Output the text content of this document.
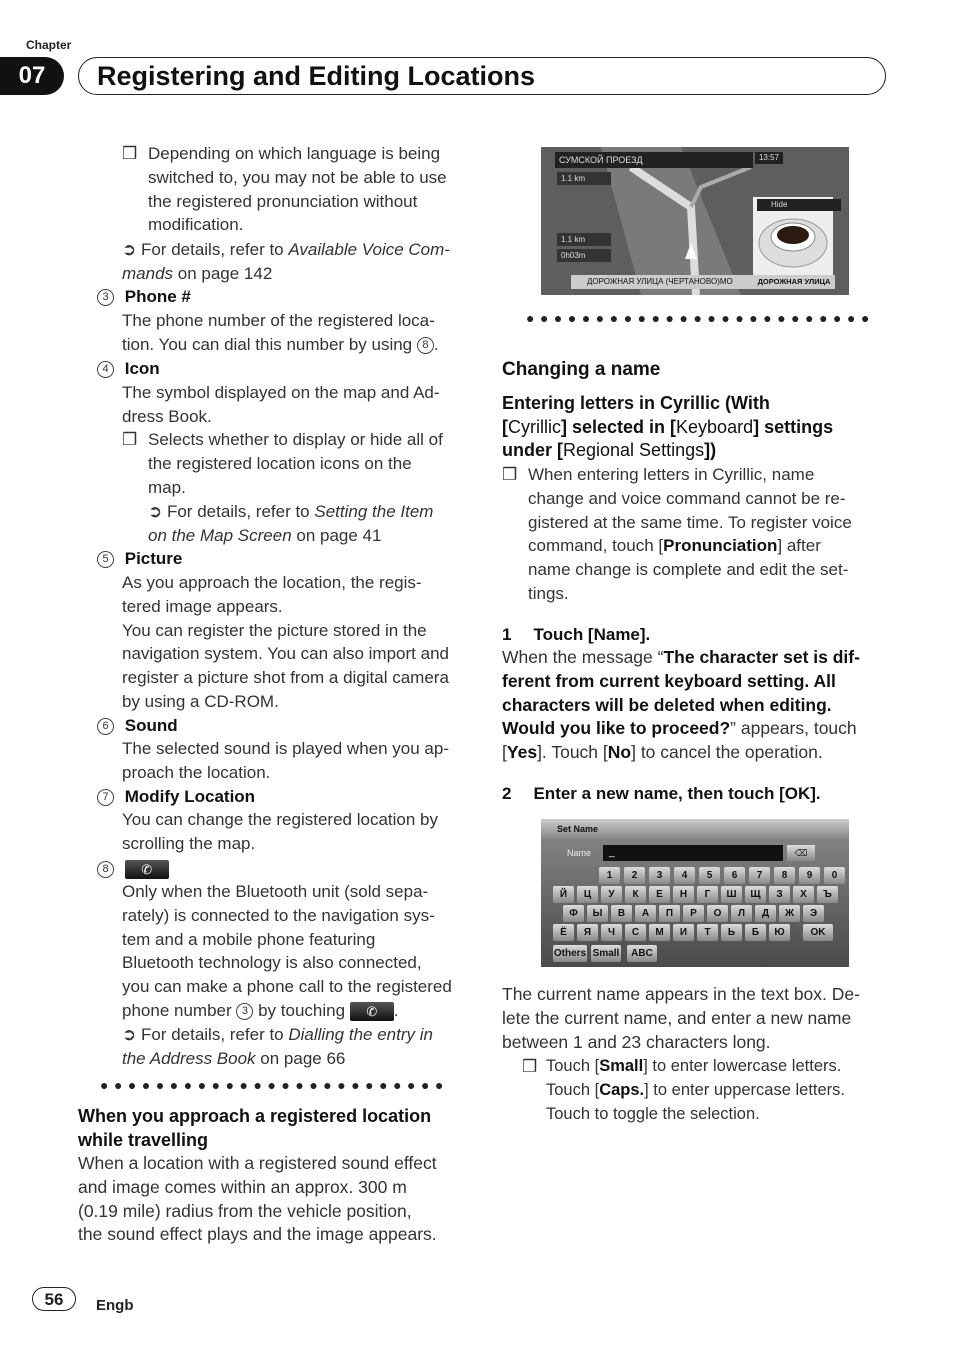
Chapter
07	Registering and Editing Locations
❒ Depending on which language is being
switched to, you may not be able to use
the registered pronunciation without
modification.
➲ For details, refer to Available Voice Com-
mands on page 142
3 Phone #
The phone number of the registered loca-
tion. You can dial this number by using 8 .
4 Icon
The symbol displayed on the map and Ad-
dress Book.
❒ Selects whether to display or hide all of
the registered location icons on the
map.
➲ For details, refer to Setting the Item
on the Map Screen on page 41
5 Picture
As you approach the location, the regis-
tered image appears.
You can register the picture stored in the
navigation system. You can also import and
register a picture shot from a digital camera
by using a CD-ROM.
6 Sound
The selected sound is played when you ap-
proach the location.
7 Modify Location
You can change the registered location by
scrolling the map.
8	✆
Only when the Bluetooth unit (sold sepa-
rately) is connected to the navigation sys-
tem and a mobile phone featuring
Bluetooth technology is also connected,
you can make a phone call to the registered
phone number 3 by touching ✆ .
➲ For details, refer to Dialling the entry in
the Address Book on page 66
●●●●●●●●●●●●●●●●●●●●●●●●●
When you approach a registered location
while travelling
When a location with a registered sound effect
and image comes within an approx. 300 m
(0.19 mile) radius from the vehicle position,
the sound effect plays and the image appears.
СУМСКОЙ ПРОЕЗД	13:57
1.1 km
1.1 km
0h03m
ДОРОЖНАЯ УЛИЦА (ЧЕРТАНОВО)МО
Hide
ДОРОЖНАЯ УЛИЦА
●●●●●●●●●●●●●●●●●●●●●●●●●
Changing a name
Entering letters in Cyrillic (With
[Cyrillic] selected in [Keyboard] settings
under [Regional Settings])
❒ When entering letters in Cyrillic, name
change and voice command cannot be re-
gistered at the same time. To register voice
command, touch [Pronunciation] after
name change is complete and edit the set-
tings.
1 Touch [Name].
When the message “The character set is dif-
ferent from current keyboard setting. All
characters will be deleted when editing.
Would you like to proceed?” appears, touch
[Yes]. Touch [No] to cancel the operation.
2 Enter a new name, then touch [OK].
Set Name
Name	_	⌫
1	2	3	4	5	6	7	8	9	0
Й	Ц	У	К	Е	Н	Г	Ш	Щ	З	Х	Ъ
Ф	Ы	В	А	П	Р	О	Л	Д	Ж	Э
Ё	Я	Ч	С	М	И	Т	Ь	Б	Ю	OK
Others Small	ABC
The current name appears in the text box. De-
lete the current name, and enter a new name
between 1 and 23 characters long.
❒ Touch [Small] to enter lowercase letters.
Touch [Caps.] to enter uppercase letters.
Touch to toggle the selection.
56	Engb
